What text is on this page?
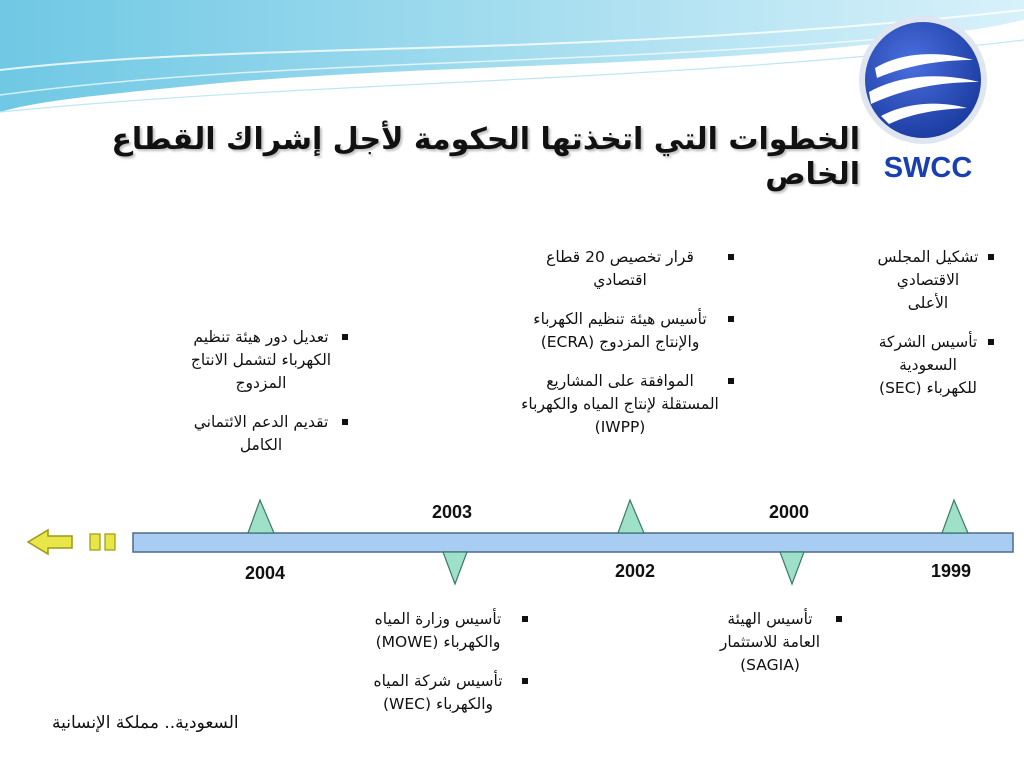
SWCC
الخطوات التي اتخذتها الحكومة لأجل إشراك القطاع الخاص
1999
2000
2002
2003
2004
تشكيل المجلس الاقتصادي الأعلى
تأسيس الشركة السعودية للكهرباء (SEC)
تأسيس الهيئة العامة للاستثمار (SAGIA)
قرار تخصيص 20 قطاع اقتصادي
تأسيس هيئة تنظيم الكهرباء والإنتاج المزدوج (ECRA)
الموافقة على المشاريع المستقلة لإنتاج المياه والكهرباء (IWPP)
تأسيس وزارة المياه والكهرباء (MOWE)
تأسيس شركة المياه والكهرباء (WEC)
تعديل دور هيئة تنظيم الكهرباء لتشمل الانتاج المزدوج
تقديم الدعم الائتماني الكامل
السعودية.. مملكة الإنسانية
